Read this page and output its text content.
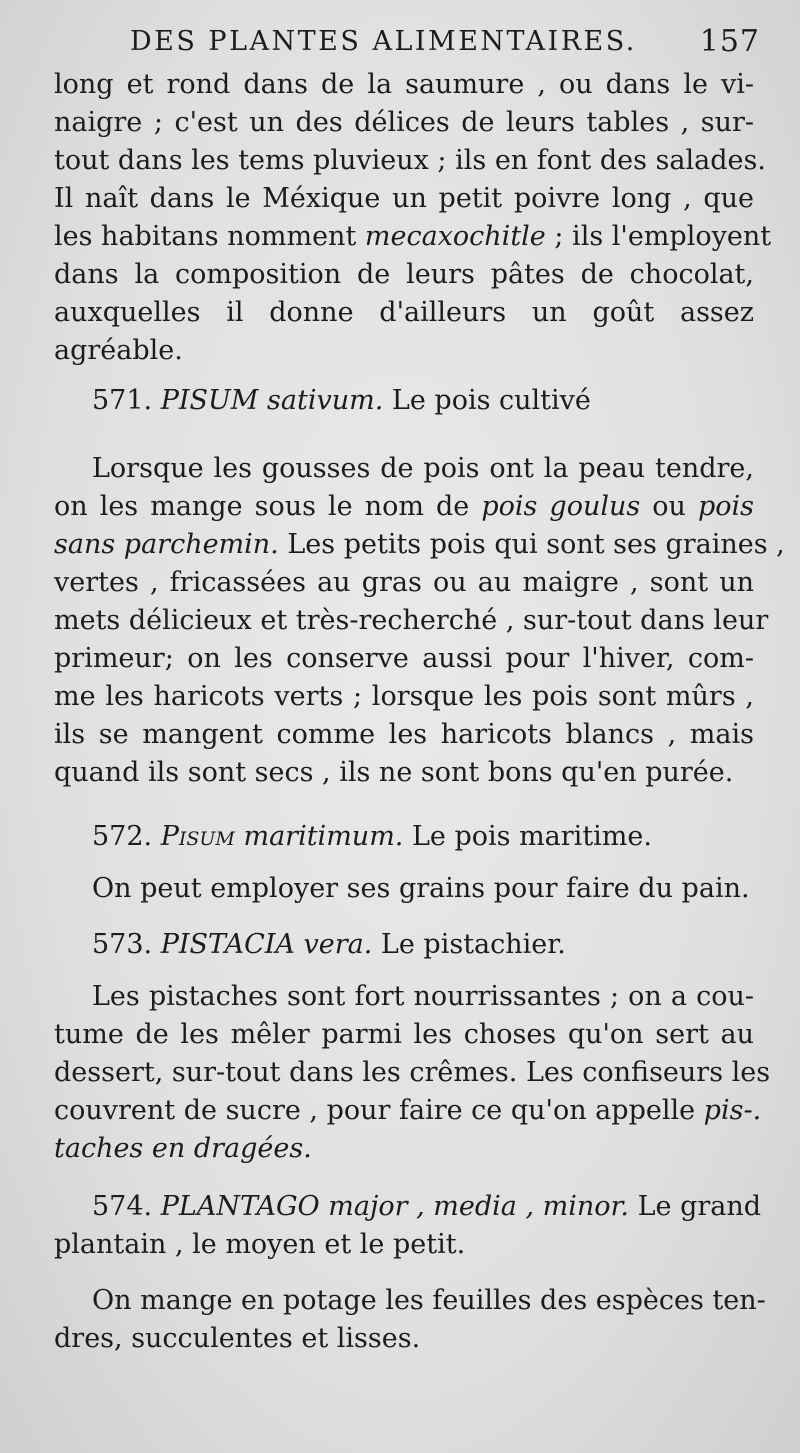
DES PLANTES ALIMENTAIRES. 157
long et rond dans de la saumure , ou dans le vi-
naigre ; c'est un des délices de leurs tables , sur-
tout dans les tems pluvieux ; ils en font des salades.
Il naît dans le Méxique un petit poivre long , que
les habitans nomment mecaxochitle ; ils l'employent
dans la composition de leurs pâtes de chocolat,
auxquelles il donne d'ailleurs un goût assez
agréable.
571. PISUM sativum. Le pois cultivé
Lorsque les gousses de pois ont la peau tendre,
on les mange sous le nom de pois goulus ou pois
sans parchemin. Les petits pois qui sont ses graines ,
vertes , fricassées au gras ou au maigre , sont un
mets délicieux et très-recherché , sur-tout dans leur
primeur; on les conserve aussi pour l'hiver, com-
me les haricots verts ; lorsque les pois sont mûrs ,
ils se mangent comme les haricots blancs , mais
quand ils sont secs , ils ne sont bons qu'en purée.
572. Pisum maritimum. Le pois maritime.
On peut employer ses grains pour faire du pain.
573. PISTACIA vera. Le pistachier.
Les pistaches sont fort nourrissantes ; on a cou-
tume de les mêler parmi les choses qu'on sert au
dessert, sur-tout dans les crêmes. Les confiseurs les
couvrent de sucre , pour faire ce qu'on appelle pis-.
taches en dragées.
574. PLANTAGO major , media , minor. Le grand
plantain , le moyen et le petit.
On mange en potage les feuilles des espèces ten-
dres, succulentes et lisses.
